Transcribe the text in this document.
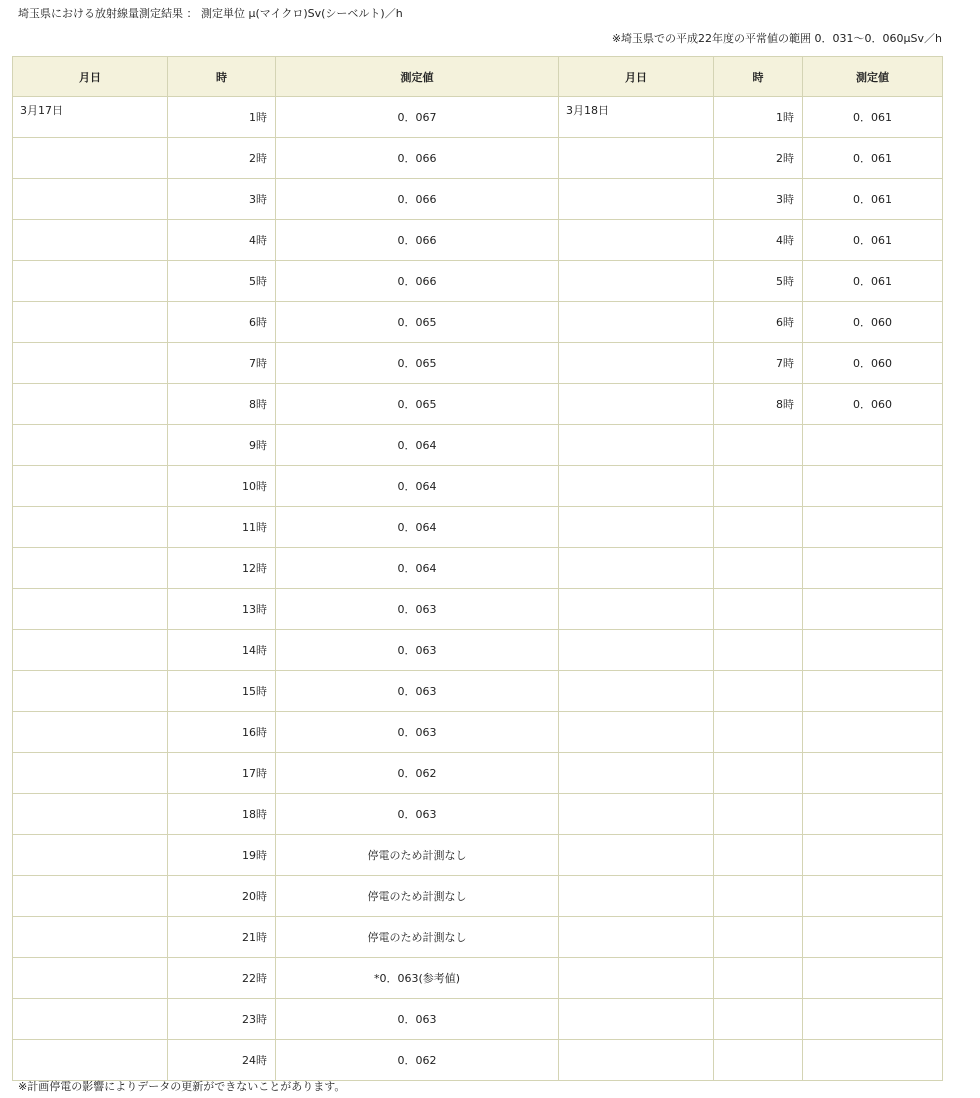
埼玉県における放射線量測定結果 ： 測定単位 μ(マイクロ)Sv(シーベルト)／h
※埼玉県での平成22年度の平常値の範囲 0．031～0．060μSv／h
月日	時	測定値	月日	時	測定値
3月17日	1時	0．067	3月18日	1時	0．061
	2時	0．066		2時	0．061
	3時	0．066		3時	0．061
	4時	0．066		4時	0．061
	5時	0．066		5時	0．061
	6時	0．065		6時	0．060
	7時	0．065		7時	0．060
	8時	0．065		8時	0．060
	9時	0．064			
	10時	0．064			
	11時	0．064			
	12時	0．064			
	13時	0．063			
	14時	0．063			
	15時	0．063			
	16時	0．063			
	17時	0．062			
	18時	0．063			
	19時	停電のため計測なし			
	20時	停電のため計測なし			
	21時	停電のため計測なし			
	22時	*0．063(参考値)			
	23時	0．063			
	24時	0．062			
※計画停電の影響によりデータの更新ができないことがあります。
